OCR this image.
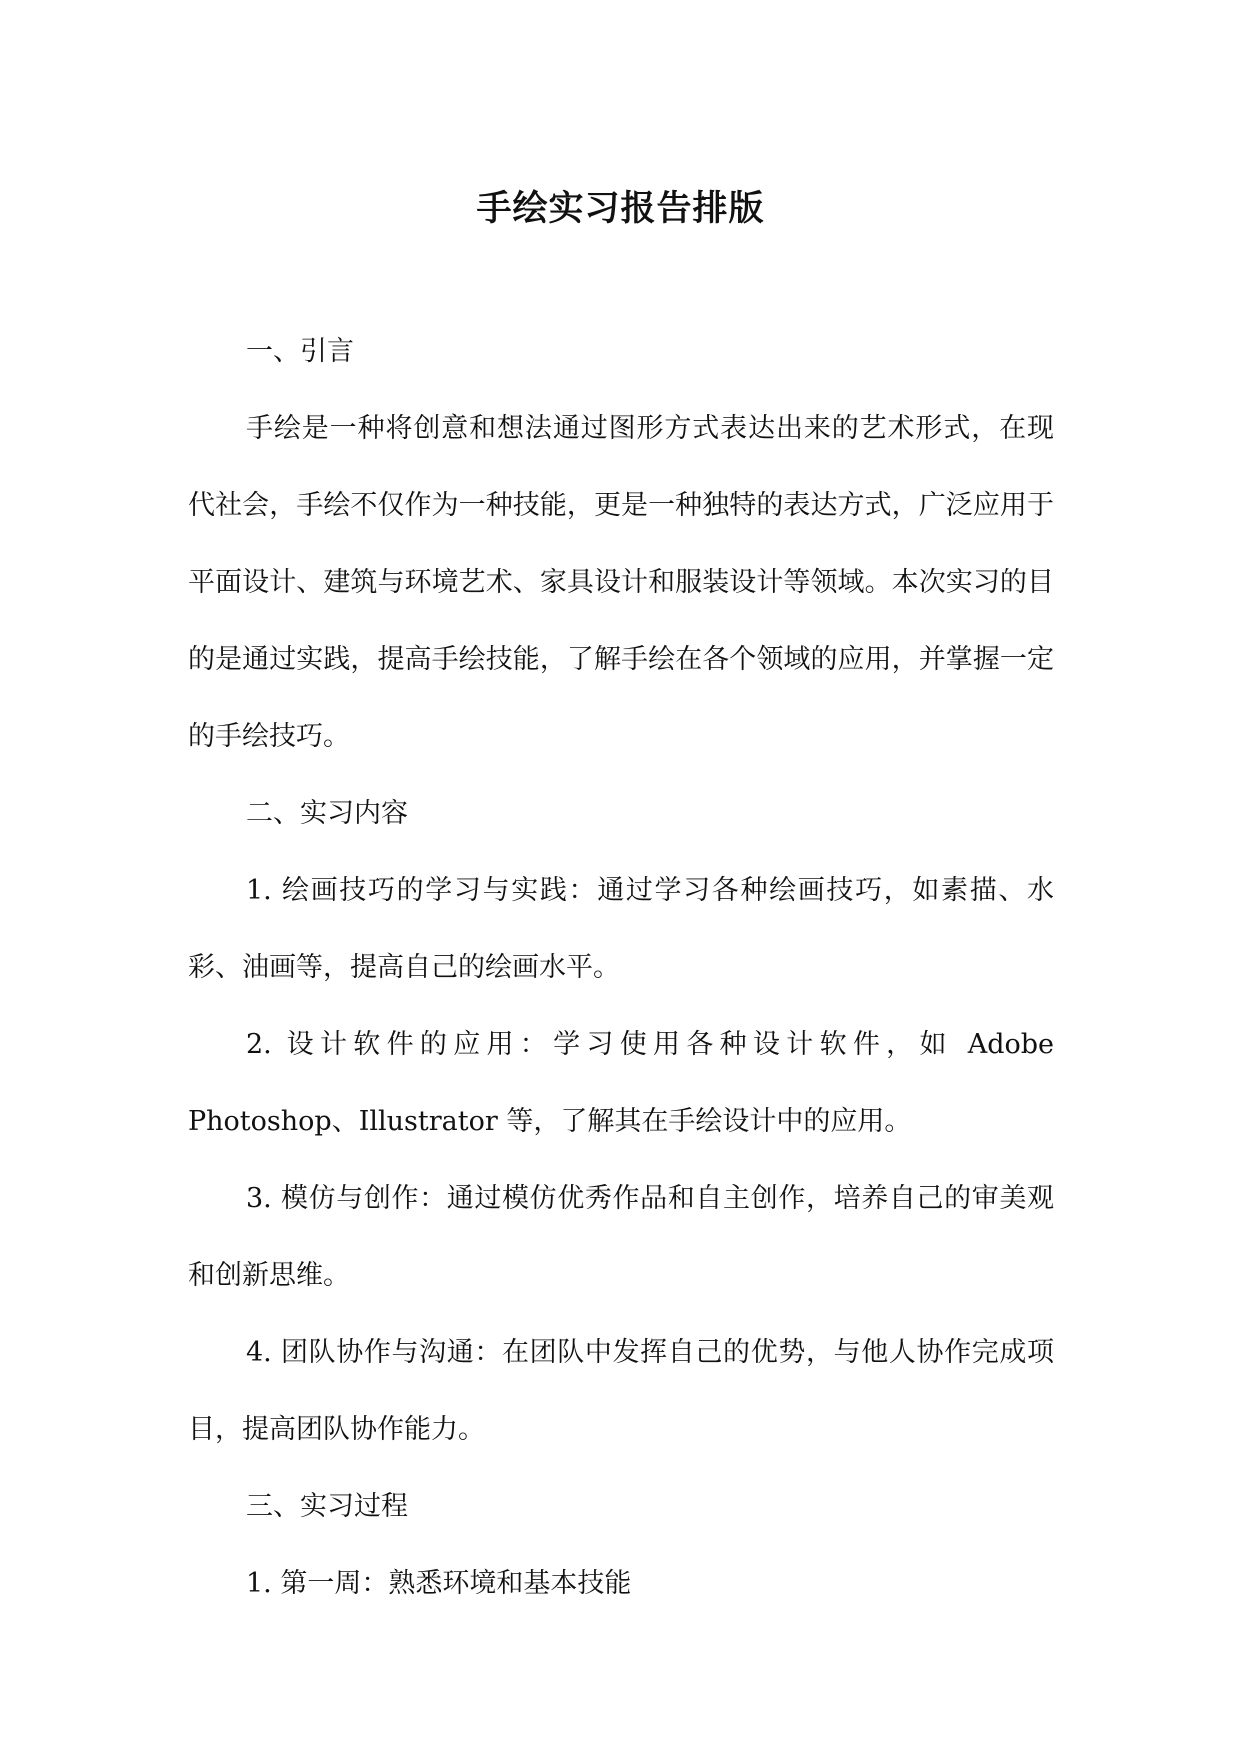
手绘实习报告排版

一、引言

手绘是一种将创意和想法通过图形方式表达出来的艺术形式，在现代社会，手绘不仅作为一种技能，更是一种独特的表达方式，广泛应用于平面设计、建筑与环境艺术、家具设计和服装设计等领域。本次实习的目的是通过实践，提高手绘技能，了解手绘在各个领域的应用，并掌握一定的手绘技巧。

二、实习内容

1. 绘画技巧的学习与实践：通过学习各种绘画技巧，如素描、水彩、油画等，提高自己的绘画水平。

2. 设计软件的应用：学习使用各种设计软件，如 Adobe Photoshop、Illustrator 等，了解其在手绘设计中的应用。

3. 模仿与创作：通过模仿优秀作品和自主创作，培养自己的审美观和创新思维。

4. 团队协作与沟通：在团队中发挥自己的优势，与他人协作完成项目，提高团队协作能力。

三、实习过程

1. 第一周：熟悉环境和基本技能
